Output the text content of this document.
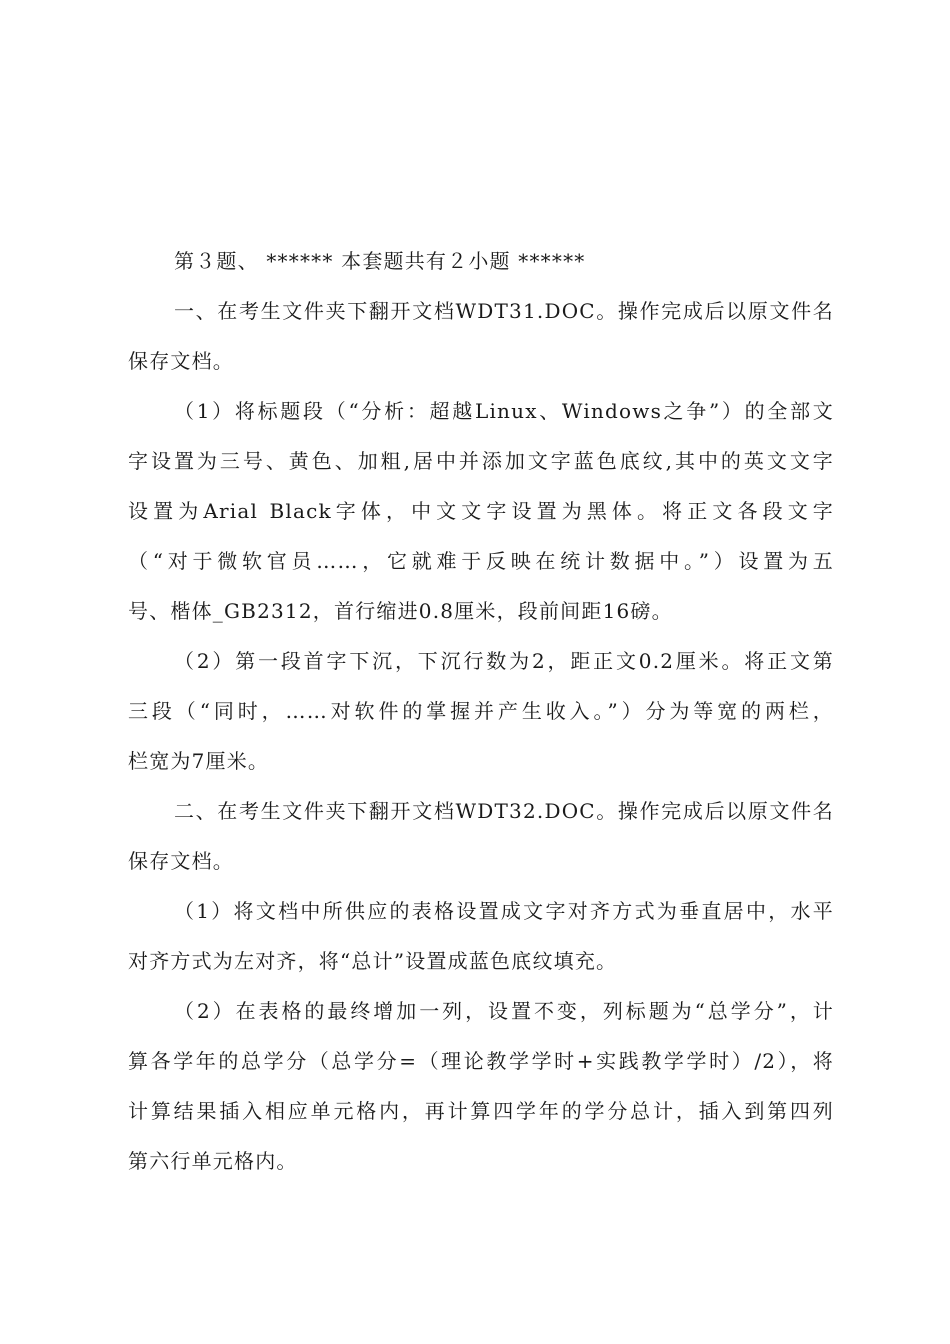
第３题、 ****** 本套题共有２小题 ******
一、在考生文件夹下翻开文档WDT31.DOC。操作完成后以原文件名
保存文档。
（1）将标题段（“分析：超越Linux、Windows之争”）的全部文
字设置为三号、黄色、加粗,居中并添加文字蓝色底纹,其中的英文文字
设置为Arial Black字体，中文文字设置为黑体。将正文各段文字
（“对于微软官员……，它就难于反映在统计数据中。”）设置为五
号、楷体_GB2312，首行缩进0.8厘米，段前间距16磅。
（2）第一段首字下沉，下沉行数为2，距正文0.2厘米。将正文第
三段（“同时，……对软件的掌握并产生收入。”）分为等宽的两栏，
栏宽为7厘米。
二、在考生文件夹下翻开文档WDT32.DOC。操作完成后以原文件名
保存文档。
（1）将文档中所供应的表格设置成文字对齐方式为垂直居中，水平
对齐方式为左对齐，将“总计”设置成蓝色底纹填充。
（2）在表格的最终增加一列，设置不变，列标题为“总学分”，计
算各学年的总学分（总学分=（理论教学学时+实践教学学时）/2），将
计算结果插入相应单元格内，再计算四学年的学分总计，插入到第四列
第六行单元格内。
